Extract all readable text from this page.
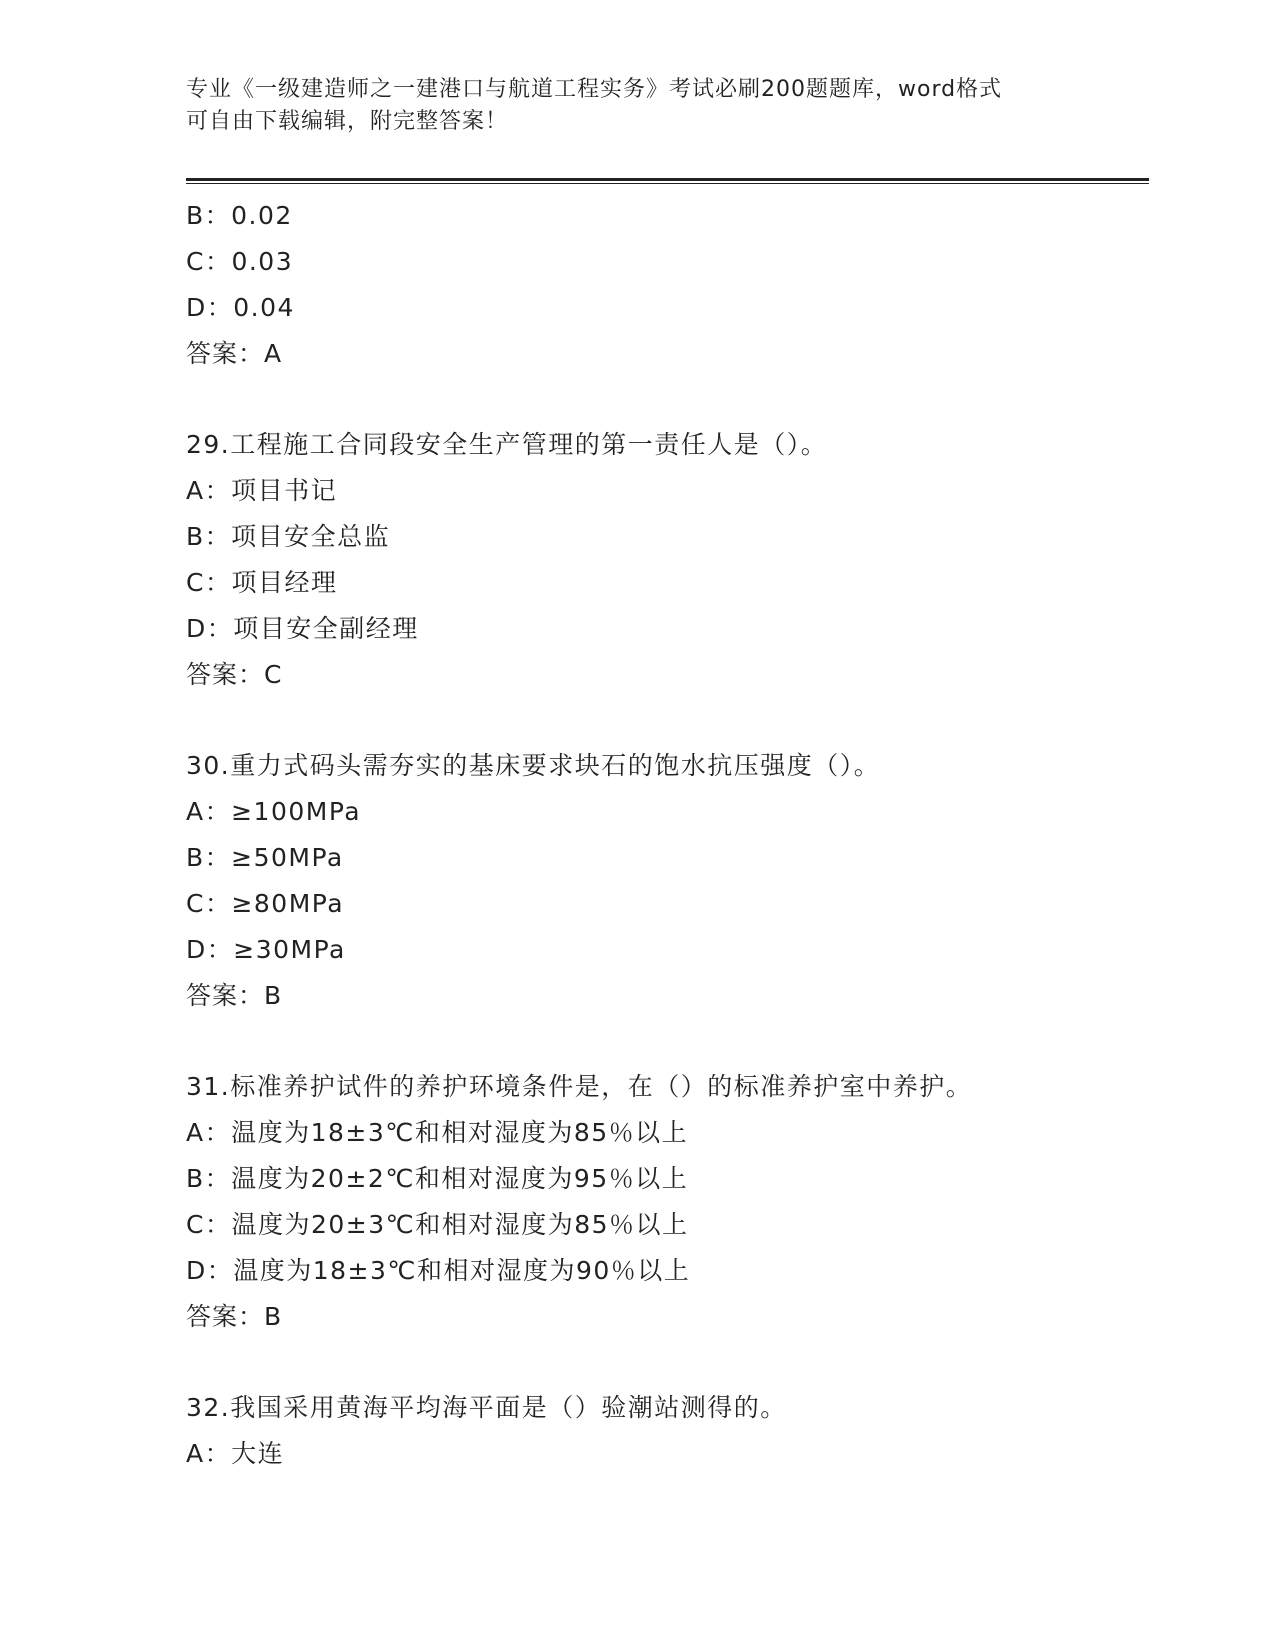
专业《一级建造师之一建港口与航道工程实务》考试必刷200题题库，word格式
可自由下载编辑，附完整答案！
B：0.02
C：0.03
D：0.04
答案：A
29.工程施工合同段安全生产管理的第一责任人是（）。
A：项目书记
B：项目安全总监
C：项目经理
D：项目安全副经理
答案：C
30.重力式码头需夯实的基床要求块石的饱水抗压强度（）。
A：≥100MPa
B：≥50MPa
C：≥80MPa
D：≥30MPa
答案：B
31.标准养护试件的养护环境条件是，在（）的标准养护室中养护。
A：温度为18±3℃和相对湿度为85％以上
B：温度为20±2℃和相对湿度为95％以上
C：温度为20±3℃和相对湿度为85％以上
D：温度为18±3℃和相对湿度为90％以上
答案：B
32.我国采用黄海平均海平面是（）验潮站测得的。
A：大连
